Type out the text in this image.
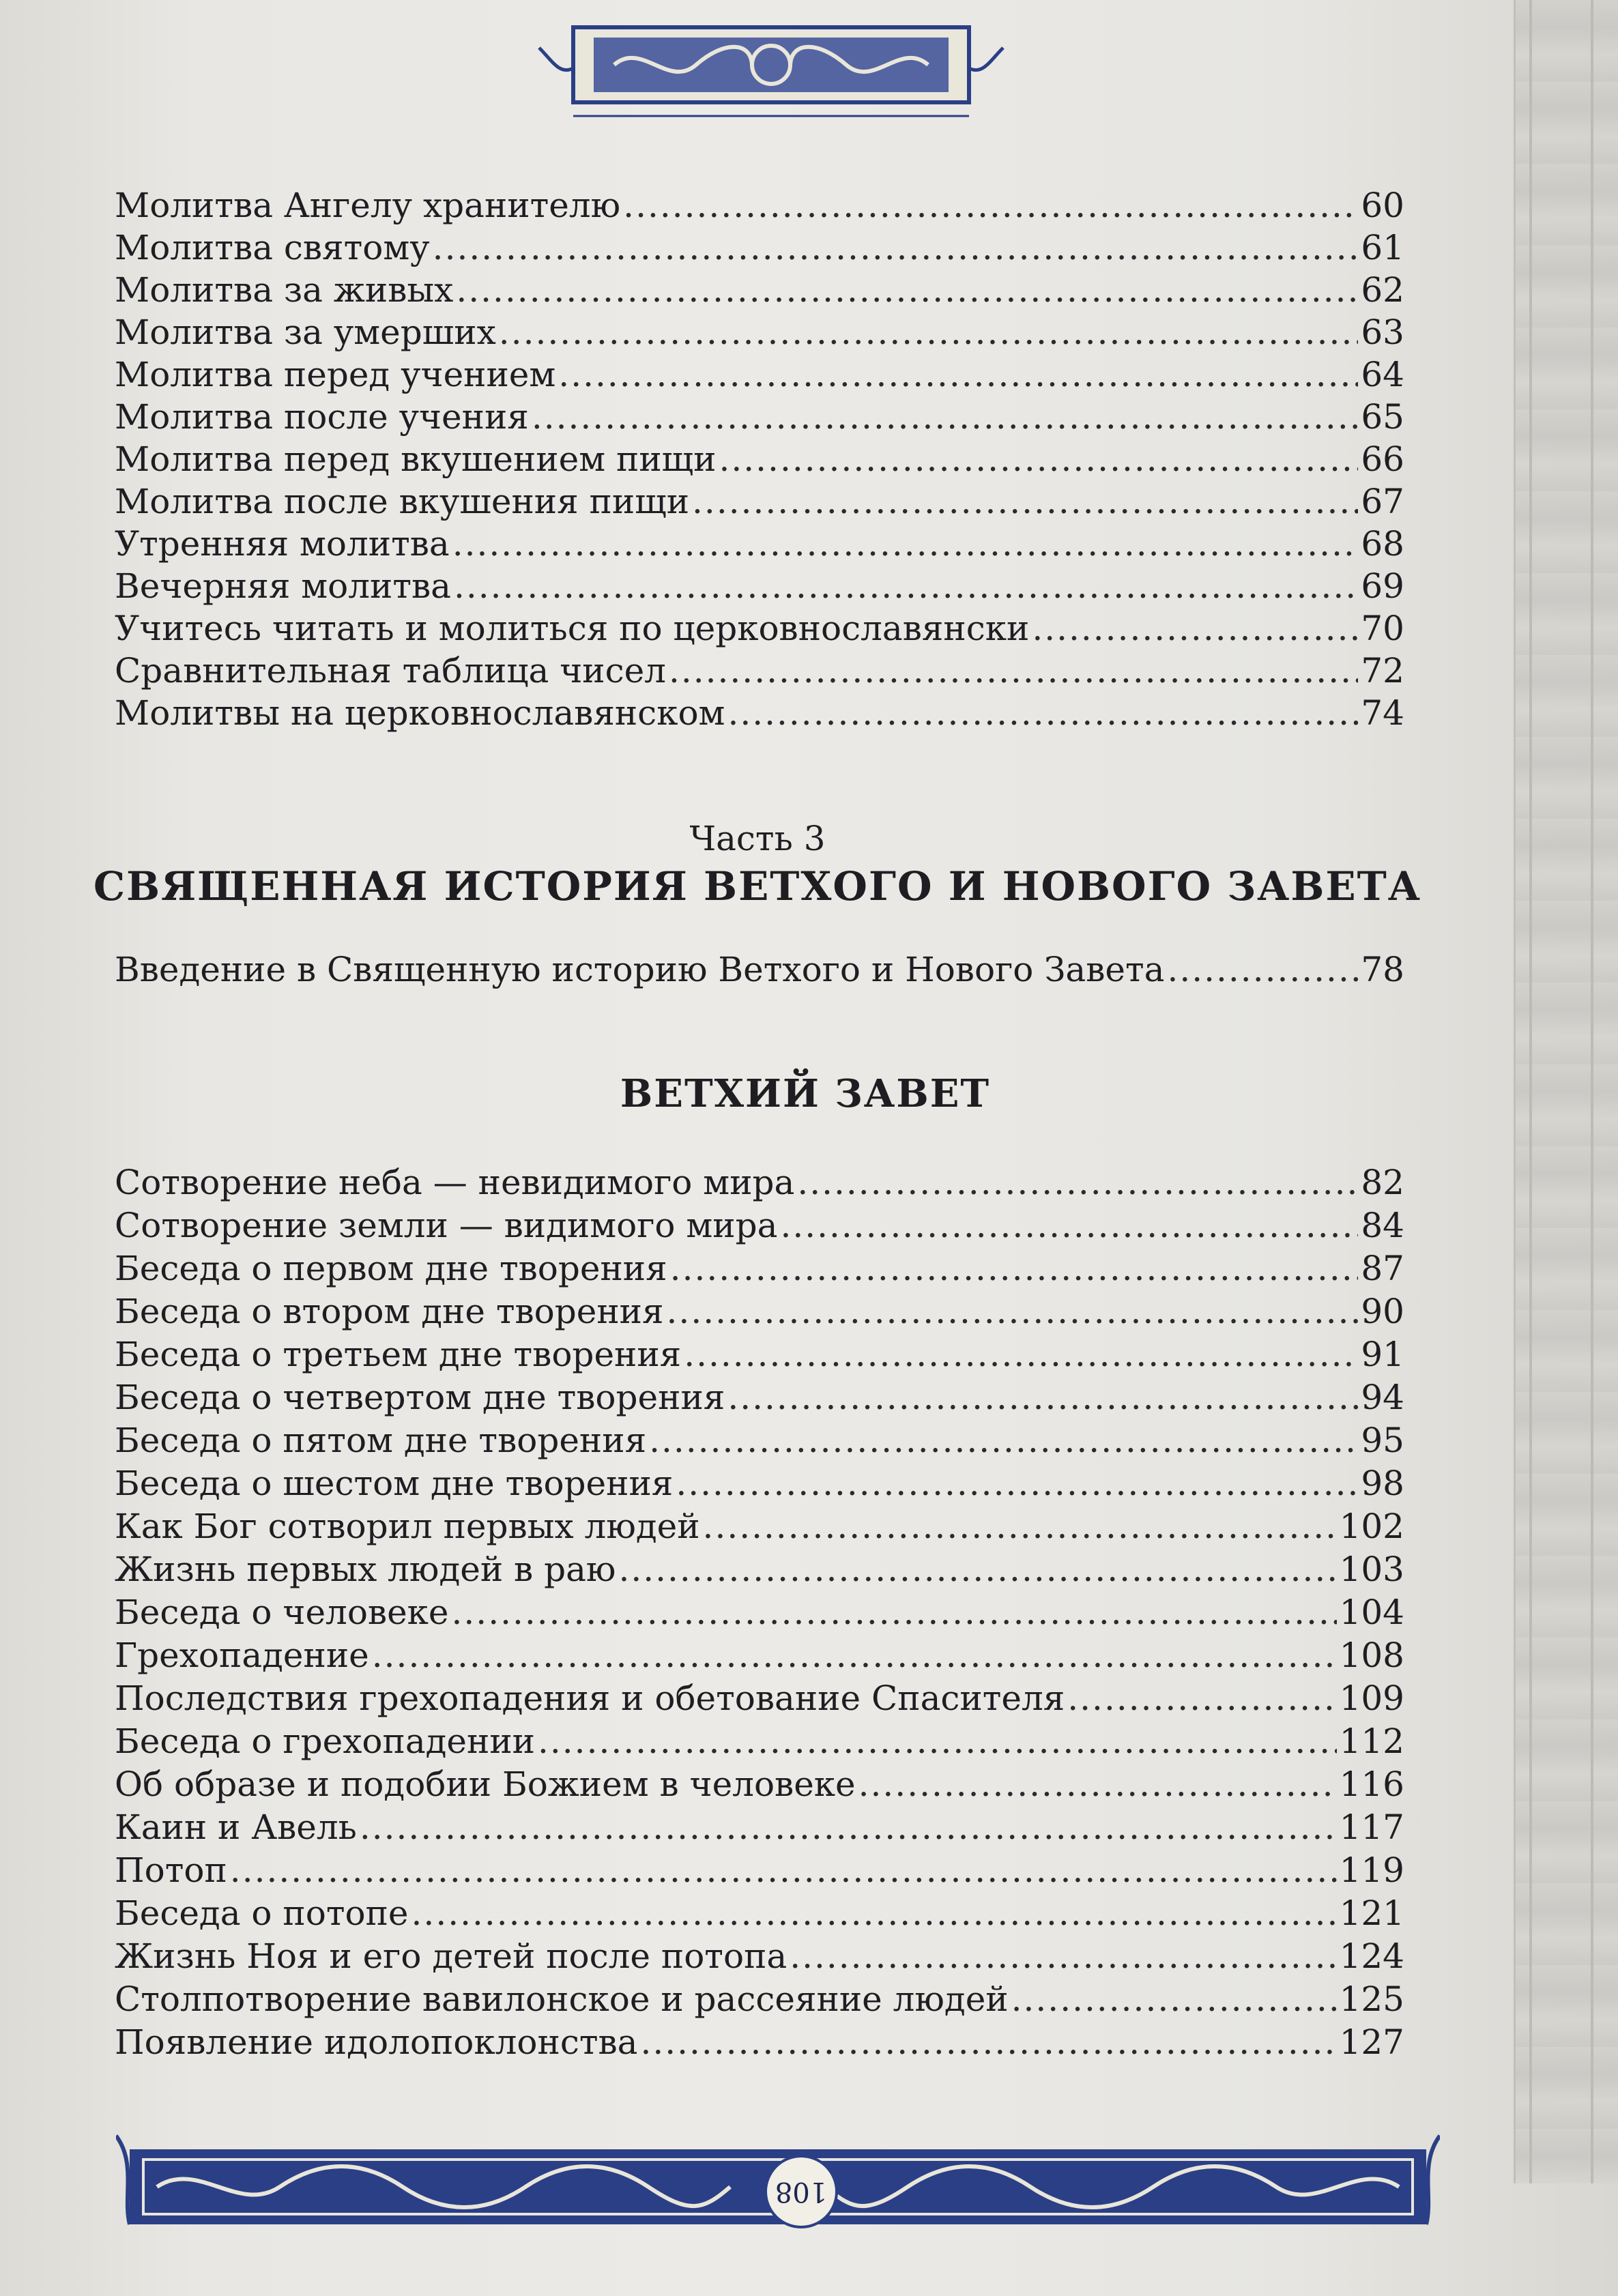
Молитва Ангелу хранителю .....	60
Молитва святому .....	61
Молитва за живых .....	62
Молитва за умерших .....	63
Молитва перед учением .....	64
Молитва после учения .....	65
Молитва перед вкушением пищи .....	66
Молитва после вкушения пищи .....	67
Утренняя молитва .....	68
Вечерняя молитва .....	69
Учитесь читать и молиться по церковнославянски .....	70
Сравнительная таблица чисел .....	72
Молитвы на церковнославянском .....	74
Часть 3
СВЯЩЕННАЯ ИСТОРИЯ ВЕТХОГО И НОВОГО ЗАВЕТА
Введение в Священную историю Ветхого и Нового Завета .....	78
ВЕТХИЙ ЗАВЕТ
Сотворение неба — невидимого мира .....	82
Сотворение земли — видимого мира .....	84
Беседа о первом дне творения .....	87
Беседа о втором дне творения .....	90
Беседа о третьем дне творения .....	91
Беседа о четвертом дне творения .....	94
Беседа о пятом дне творения .....	95
Беседа о шестом дне творения .....	98
Как Бог сотворил первых людей .....	102
Жизнь первых людей в раю .....	103
Беседа о человеке .....	104
Грехопадение .....	108
Последствия грехопадения и обетование Спасителя .....	109
Беседа о грехопадении .....	112
Об образе и подобии Божием в человеке .....	116
Каин и Авель .....	117
Потоп .....	119
Беседа о потопе .....	121
Жизнь Ноя и его детей после потопа .....	124
Столпотворение вавилонское и рассеяние людей .....	125
Появление идолопоклонства .....	127
108
